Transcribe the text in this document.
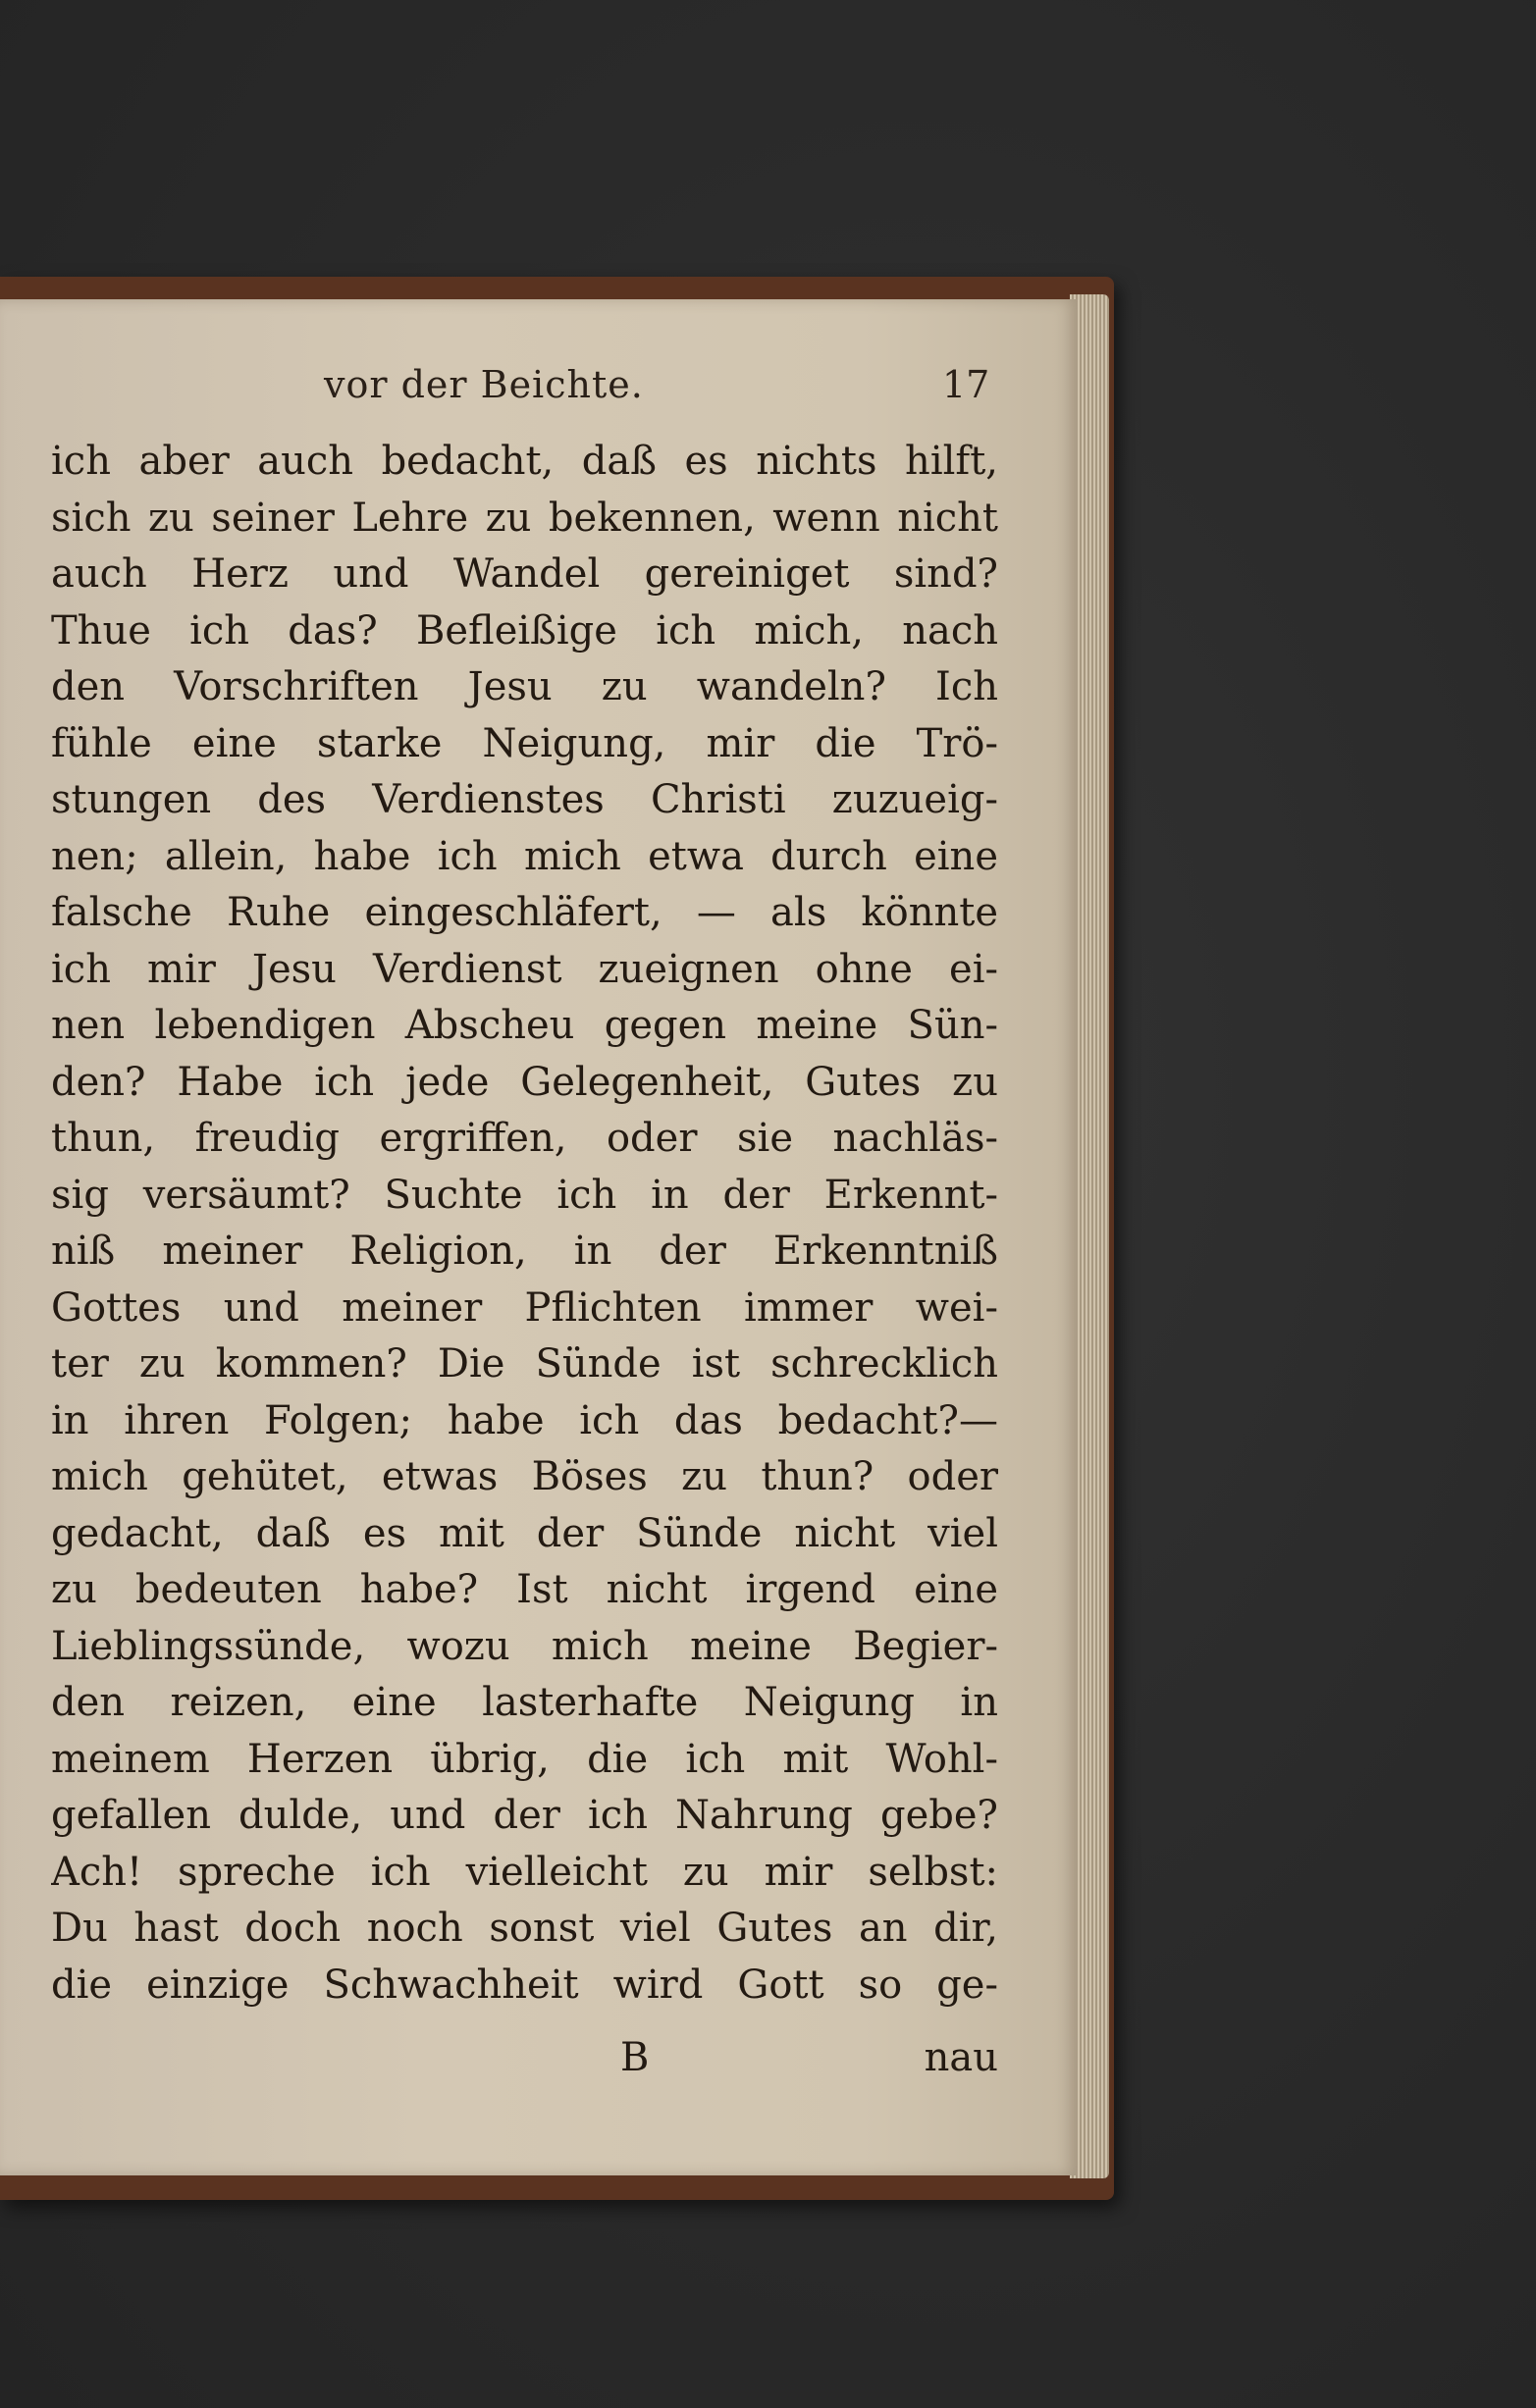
vor der Beichte.	17
ich aber auch bedacht, daß es nichts hilft,
sich zu seiner Lehre zu bekennen, wenn nicht
auch Herz und Wandel gereiniget sind?
Thue ich das? Befleißige ich mich, nach
den Vorschriften Jesu zu wandeln? Ich
fühle eine starke Neigung, mir die Trö-
stungen des Verdienstes Christi zuzueig-
nen; allein, habe ich mich etwa durch eine
falsche Ruhe eingeschläfert, — als könnte
ich mir Jesu Verdienst zueignen ohne ei-
nen lebendigen Abscheu gegen meine Sün-
den? Habe ich jede Gelegenheit, Gutes zu
thun, freudig ergriffen, oder sie nachläs-
sig versäumt? Suchte ich in der Erkennt-
niß meiner Religion, in der Erkenntniß
Gottes und meiner Pflichten immer wei-
ter zu kommen? Die Sünde ist schrecklich
in ihren Folgen; habe ich das bedacht?—
mich gehütet, etwas Böses zu thun? oder
gedacht, daß es mit der Sünde nicht viel
zu bedeuten habe? Ist nicht irgend eine
Lieblingssünde, wozu mich meine Begier-
den reizen, eine lasterhafte Neigung in
meinem Herzen übrig, die ich mit Wohl-
gefallen dulde, und der ich Nahrung gebe?
Ach! spreche ich vielleicht zu mir selbst:
Du hast doch noch sonst viel Gutes an dir,
die einzige Schwachheit wird Gott so ge-
B	nau
